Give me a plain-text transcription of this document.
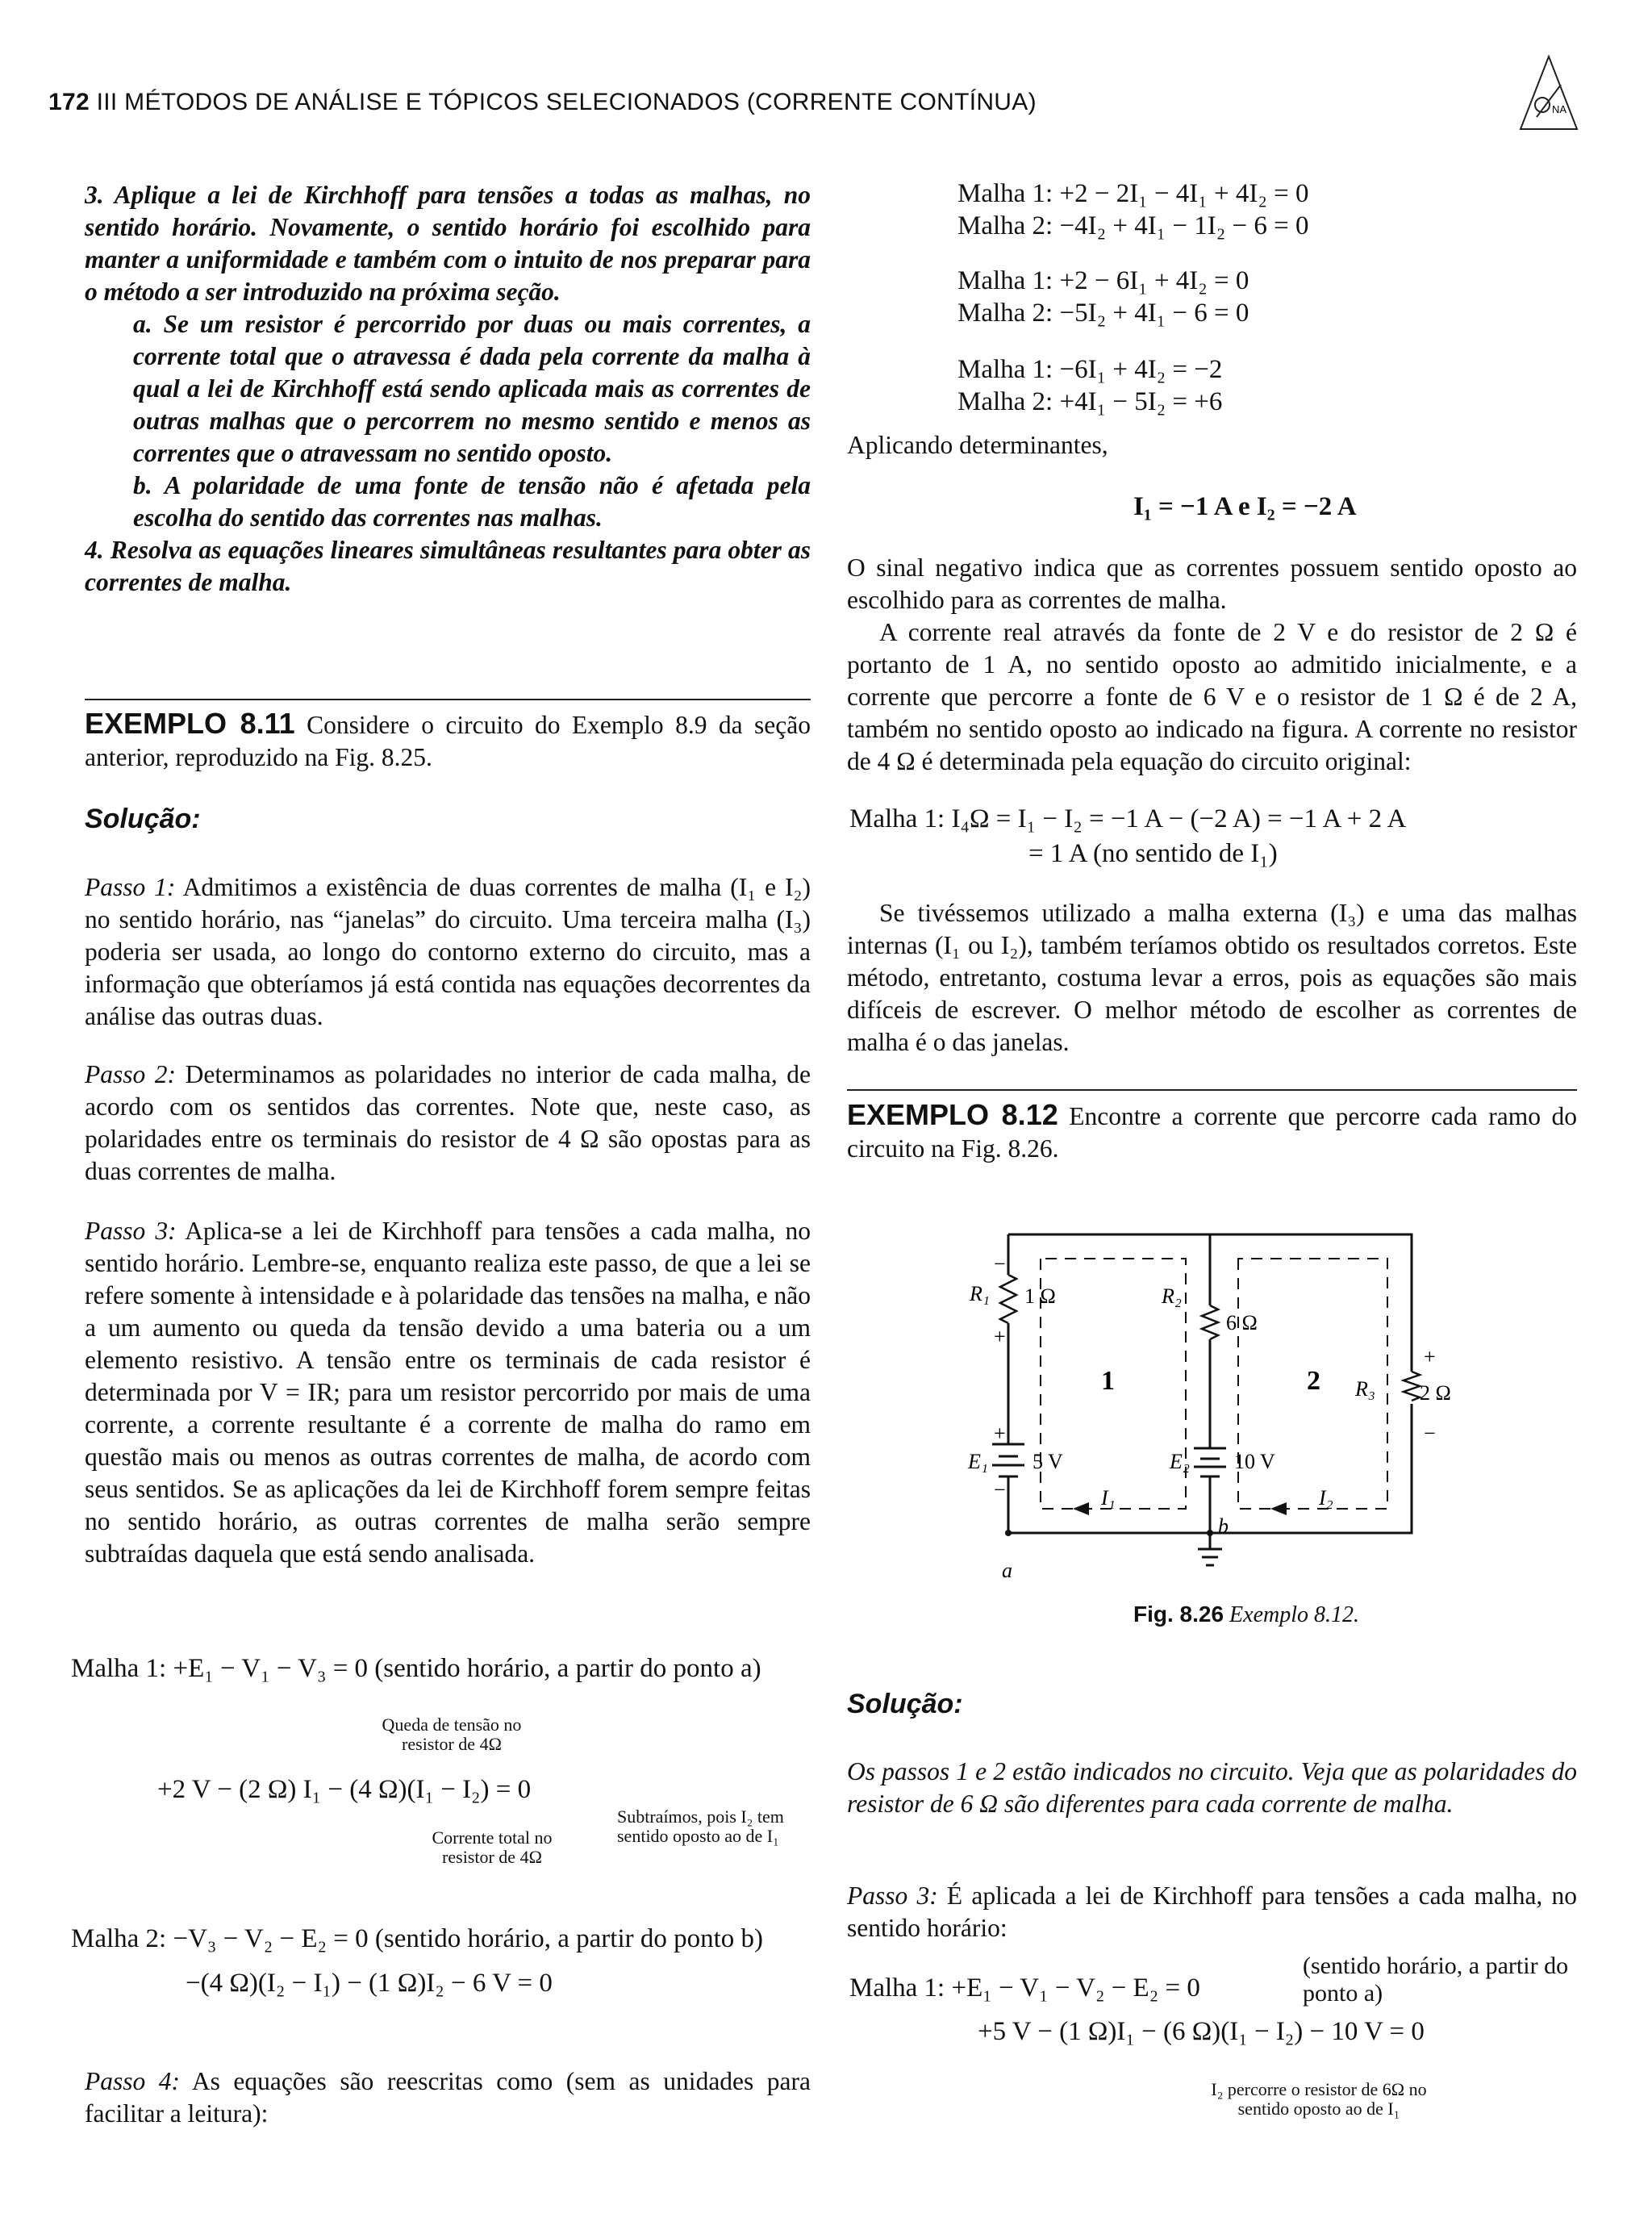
172 III MÉTODOS DE ANÁLISE E TÓPICOS SELECIONADOS (CORRENTE CONTÍNUA)	NA

3. Aplique a lei de Kirchhoff para tensões a todas as malhas, no sentido horário. Novamente, o sentido horário foi escolhido para manter a uniformidade e também com o intuito de nos preparar para o método a ser introduzido na próxima seção.

a. Se um resistor é percorrido por duas ou mais correntes, a corrente total que o atravessa é dada pela corrente da malha à qual a lei de Kirchhoff está sendo aplicada mais as correntes de outras malhas que o percorrem no mesmo sentido e menos as correntes que o atravessam no sentido oposto.

b. A polaridade de uma fonte de tensão não é afetada pela escolha do sentido das correntes nas malhas.

4. Resolva as equações lineares simultâneas resultantes para obter as correntes de malha.

EXEMPLO 8.11 Considere o circuito do Exemplo 8.9 da seção anterior, reproduzido na Fig. 8.25.
Solução:
Passo 1: Admitimos a existência de duas correntes de malha (I₁ e I₂) no sentido horário, nas “janelas” do circuito. Uma terceira malha (I₃) poderia ser usada, ao longo do contorno externo do circuito, mas a informação que obteríamos já está contida nas equações decorrentes da análise das outras duas.
Passo 2: Determinamos as polaridades no interior de cada malha, de acordo com os sentidos das correntes. Note que, neste caso, as polaridades entre os terminais do resistor de 4 Ω são opostas para as duas correntes de malha.
Passo 3: Aplica-se a lei de Kirchhoff para tensões a cada malha, no sentido horário. Lembre-se, enquanto realiza este passo, de que a lei se refere somente à intensidade e à polaridade das tensões na malha, e não a um aumento ou queda da tensão devido a uma bateria ou a um elemento resistivo. A tensão entre os terminais de cada resistor é determinada por V = IR; para um resistor percorrido por mais de uma corrente, a corrente resultante é a corrente de malha do ramo em questão mais ou menos as outras correntes de malha, de acordo com seus sentidos. Se as aplicações da lei de Kirchhoff forem sempre feitas no sentido horário, as outras correntes de malha serão sempre subtraídas daquela que está sendo analisada.
Malha 1: +E₁ − V₁ − V₃ = 0 (sentido horário, a partir do ponto a)
Queda de tensão no resistor de 4Ω
+2 V − (2 Ω) I₁ − (4 Ω)(I₁ − I₂) = 0
Corrente total no resistor de 4Ω
Subtraímos, pois I₂ tem sentido oposto ao de I₁
Malha 2: −V₃ − V₂ − E₂ = 0 (sentido horário, a partir do ponto b)
−(4 Ω)(I₂ − I₁) − (1 Ω)I₂ − 6 V = 0
Passo 4: As equações são reescritas como (sem as unidades para facilitar a leitura):
Malha 1: +2 − 2I₁ − 4I₁ + 4I₂ = 0
Malha 2: −4I₂ + 4I₁ − 1I₂ − 6 = 0
Malha 1: +2 − 6I₁ + 4I₂ = 0
Malha 2: −5I₂ + 4I₁ − 6 = 0
Malha 1: −6I₁ + 4I₂ = −2
Malha 2: +4I₁ − 5I₂ = +6
Aplicando determinantes,
I₁ = −1 A e I₂ = −2 A

O sinal negativo indica que as correntes possuem sentido oposto ao escolhido para as correntes de malha.

A corrente real através da fonte de 2 V e do resistor de 2 Ω é portanto de 1 A, no sentido oposto ao admitido inicialmente, e a corrente que percorre a fonte de 6 V e o resistor de 1 Ω é de 2 A, também no sentido oposto ao indicado na figura. A corrente no resistor de 4 Ω é determinada pela equação do circuito original:

Malha 1: I₄Ω = I₁ − I₂ = −1 A − (−2 A) = −1 A + 2 A
= 1 A (no sentido de I₁)
Se tivéssemos utilizado a malha externa (I₃) e uma das malhas internas (I₁ ou I₂), também teríamos obtido os resultados corretos. Este método, entretanto, costuma levar a erros, pois as equações são mais difíceis de escrever. O melhor método de escolher as correntes de malha é o das janelas.
EXEMPLO 8.12 Encontre a corrente que percorre cada ramo do circuito na Fig. 8.26.
R₁ 1 Ω	R₂
6 Ω
R₃ 2 Ω
E₁ 5 V	E₂ 10 V
I₁	I₂
1	2
a
b
−
+
+
−
+
−
Fig. 8.26 Exemplo 8.12.
Solução:
Os passos 1 e 2 estão indicados no circuito. Veja que as polaridades do resistor de 6 Ω são diferentes para cada corrente de malha.
Passo 3: É aplicada a lei de Kirchhoff para tensões a cada malha, no sentido horário:
Malha 1: +E₁ − V₁ − V₂ − E₂ = 0
(sentido horário, a partir do ponto a)
+5 V − (1 Ω)I₁ − (6 Ω)(I₁ − I₂) − 10 V = 0
I₂ percorre o resistor de 6Ω no sentido oposto ao de I₁
